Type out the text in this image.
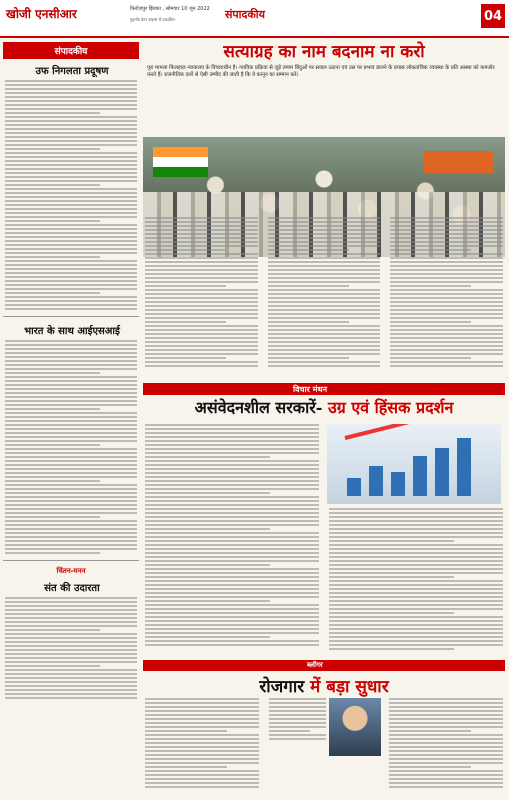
खोजी एनसीआर	फ़िरोज़पुर झिरका , सोमवार 10 जून 2022
गुड़गाँव ग्रेटर टाइम्स में प्रकाशित	संपादकीय	04
संपादकीय
उफ निगलता प्रदूषण
भारत के साथ आईएसआई
चिंतन-मनन
संत की उदारता
सत्याग्रह का नाम बदनाम ना करो
पूरा मामला फिलहाल न्यायालय के विचाराधीन है। न्यायिक प्रक्रिया से जुड़े तमाम बिंदुओं पर सवाल उठाना एवं उस पर प्रभाव डालने के प्रयास लोकतांत्रिक व्यवस्था के प्रति आस्था को कमजोर करते हैं। राजनीतिक दलों से ऐसी उम्मीद की जाती है कि वे कानून का सम्मान करें।
विचार मंथन
असंवेदनशील सरकारें- उग्र एवं हिंसक प्रदर्शन
ब्लॉगर
रोजगार में बड़ा सुधार
